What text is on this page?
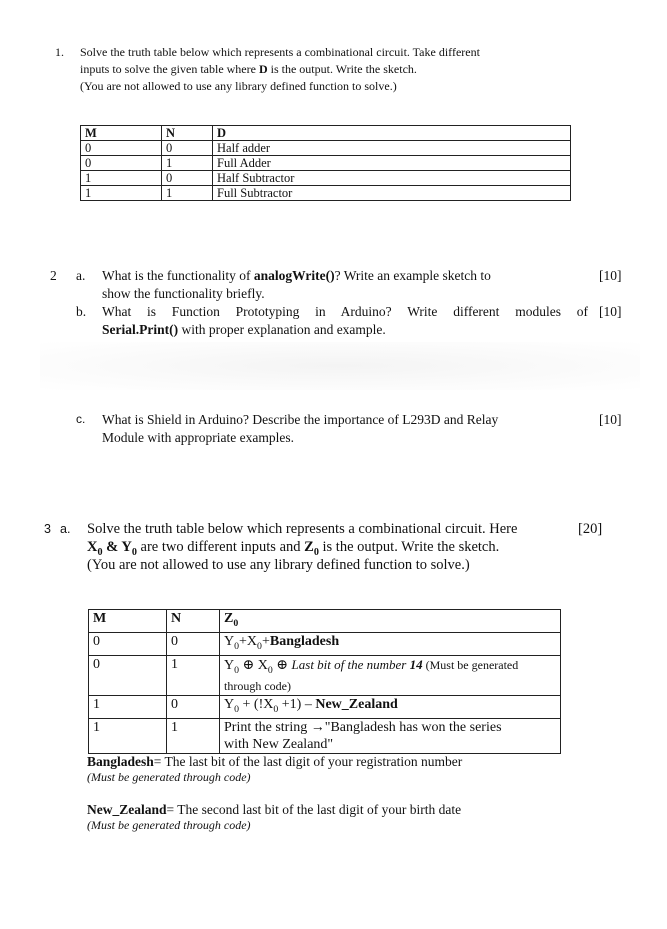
1. Solve the truth table below which represents a combinational circuit. Take different
inputs to solve the given table where D is the output. Write the sketch.
(You are not allowed to use any library defined function to solve.)
M	N	D
0	0	Half adder
0	1	Full Adder
1	0	Half Subtractor
1	1	Full Subtractor
2 a. What is the functionality of analogWrite()? Write an example sketch to	[10]
show the functionality briefly.
b. What is Function Prototyping in Arduino? Write different modules of [10]
Serial.Print() with proper explanation and example.
c. What is Shield in Arduino? Describe the importance of L293D and Relay	[10]
Module with appropriate examples.
3 a. Solve the truth table below which represents a combinational circuit. Here	[20]
$X_0$ & $Y_0$ are two different inputs and $Z_0$ is the output. Write the sketch.
(You are not allowed to use any library defined function to solve.)
M	N	$Z_0$
0	0	$Y_0+X_0+Bangladesh$
0	1	$Y_0$ ⊕ $X_0$ ⊕ Last bit of the number 14 (Must be generated
through code)
1	0	$Y_0 + (!X_0 +1)$ – New_Zealand
1	1	Print the string →"Bangladesh has won the series
with New Zealand"
Bangladesh= The last bit of the last digit of your registration number
(Must be generated through code)
New_Zealand= The second last bit of the last digit of your birth date
(Must be generated through code)
